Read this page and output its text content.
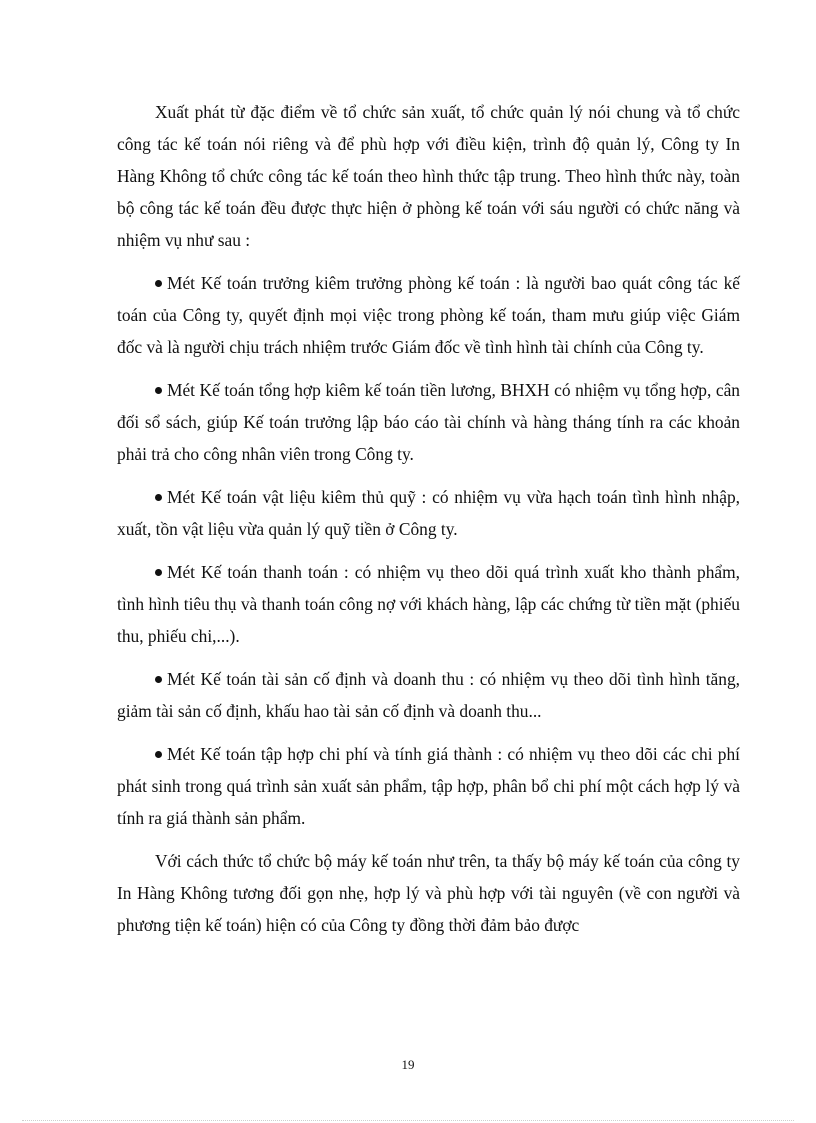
Xuất phát từ đặc điểm về tổ chức sản xuất, tổ chức quản lý nói chung và tổ chức công tác kế toán nói riêng và để phù hợp với điều kiện, trình độ quản lý, Công ty In Hàng Không tổ chức công tác kế toán theo hình thức tập trung. Theo hình thức này, toàn bộ công tác kế toán đều được thực hiện ở phòng kế toán với sáu người có chức năng và nhiệm vụ như sau :

Mét Kế toán trưởng kiêm trưởng phòng kế toán : là người bao quát công tác kế toán của Công ty, quyết định mọi việc trong phòng kế toán, tham mưu giúp việc Giám đốc và là người chịu trách nhiệm trước Giám đốc về tình hình tài chính của Công ty.

Mét Kế toán tổng hợp kiêm kế toán tiền lương, BHXH có nhiệm vụ tổng hợp, cân đối sổ sách, giúp Kế toán trưởng lập báo cáo tài chính và hàng tháng tính ra các khoản phải trả cho công nhân viên trong Công ty.

Mét Kế toán vật liệu kiêm thủ quỹ : có nhiệm vụ vừa hạch toán tình hình nhập, xuất, tồn vật liệu vừa quản lý quỹ tiền ở Công ty.

Mét Kế toán thanh toán : có nhiệm vụ theo dõi quá trình xuất kho thành phẩm, tình hình tiêu thụ và thanh toán công nợ với khách hàng, lập các chứng từ tiền mặt (phiếu thu, phiếu chi,...).

Mét Kế toán tài sản cố định và doanh thu : có nhiệm vụ theo dõi tình hình tăng, giảm tài sản cố định, khấu hao tài sản cố định và doanh thu...

Mét Kế toán tập hợp chi phí và tính giá thành : có nhiệm vụ theo dõi các chi phí phát sinh trong quá trình sản xuất sản phẩm, tập hợp, phân bổ chi phí một cách hợp lý và tính ra giá thành sản phẩm.

Với cách thức tổ chức bộ máy kế toán như trên, ta thấy bộ máy kế toán của công ty In Hàng Không tương đối gọn nhẹ, hợp lý và phù hợp với tài nguyên (về con người và phương tiện kế toán) hiện có của Công ty đồng thời đảm bảo được

19
